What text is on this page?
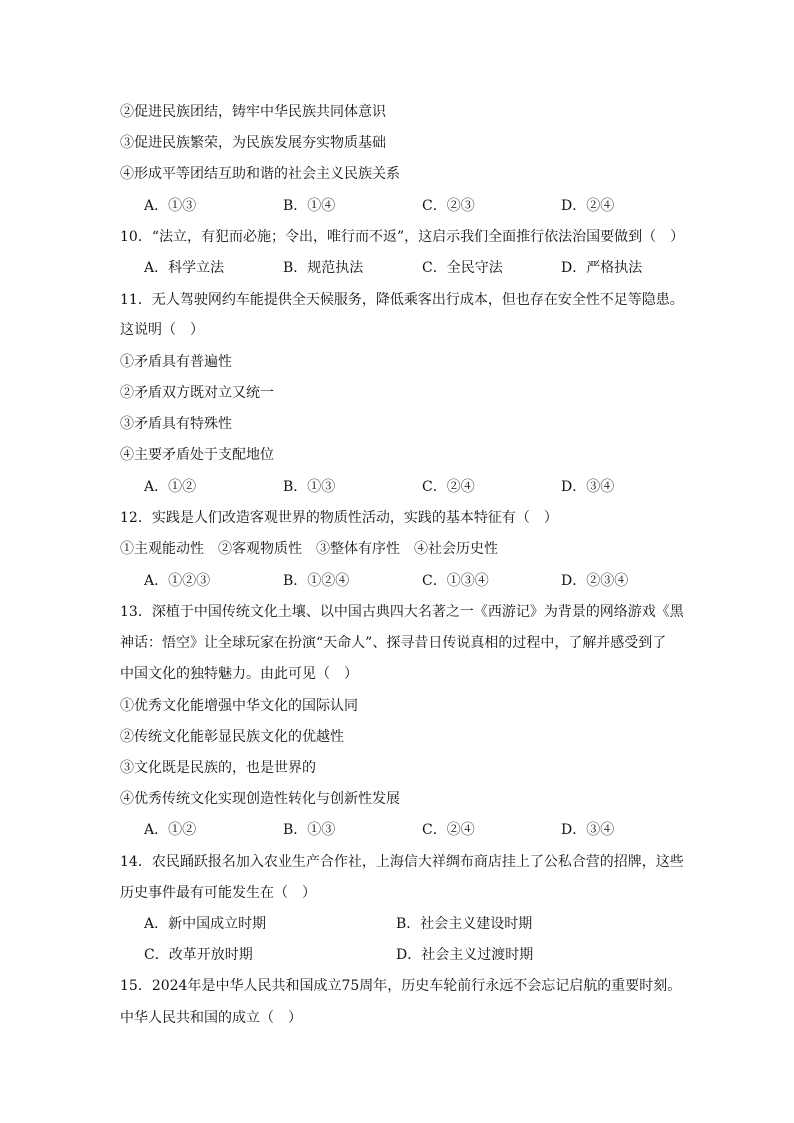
②促进民族团结，铸牢中华民族共同体意识
③促进民族繁荣，为民族发展夯实物质基础
④形成平等团结互助和谐的社会主义民族关系
A．①③	B．①④	C．②③	D．②④
10．“法立，有犯而必施；令出，唯行而不返”，这启示我们全面推行依法治国要做到（　）
A．科学立法	B．规范执法	C．全民守法	D．严格执法
11．无人驾驶网约车能提供全天候服务，降低乘客出行成本，但也存在安全性不足等隐患。
这说明（　）
①矛盾具有普遍性
②矛盾双方既对立又统一
③矛盾具有特殊性
④主要矛盾处于支配地位
A．①②	B．①③	C．②④	D．③④
12．实践是人们改造客观世界的物质性活动，实践的基本特征有（　）
①主观能动性　②客观物质性　③整体有序性　④社会历史性
A．①②③	B．①②④	C．①③④	D．②③④
13．深植于中国传统文化土壤、以中国古典四大名著之一《西游记》为背景的网络游戏《黑
神话：悟空》让全球玩家在扮演“天命人”、探寻昔日传说真相的过程中，了解并感受到了
中国文化的独特魅力。由此可见（　）
①优秀文化能增强中华文化的国际认同
②传统文化能彰显民族文化的优越性
③文化既是民族的，也是世界的
④优秀传统文化实现创造性转化与创新性发展
A．①②	B．①③	C．②④	D．③④
14．农民踊跃报名加入农业生产合作社，上海信大祥绸布商店挂上了公私合营的招牌，这些
历史事件最有可能发生在（　）
A．新中国成立时期	B．社会主义建设时期
C．改革开放时期	D．社会主义过渡时期
15．2024年是中华人民共和国成立75周年，历史车轮前行永远不会忘记启航的重要时刻。
中华人民共和国的成立（　）
